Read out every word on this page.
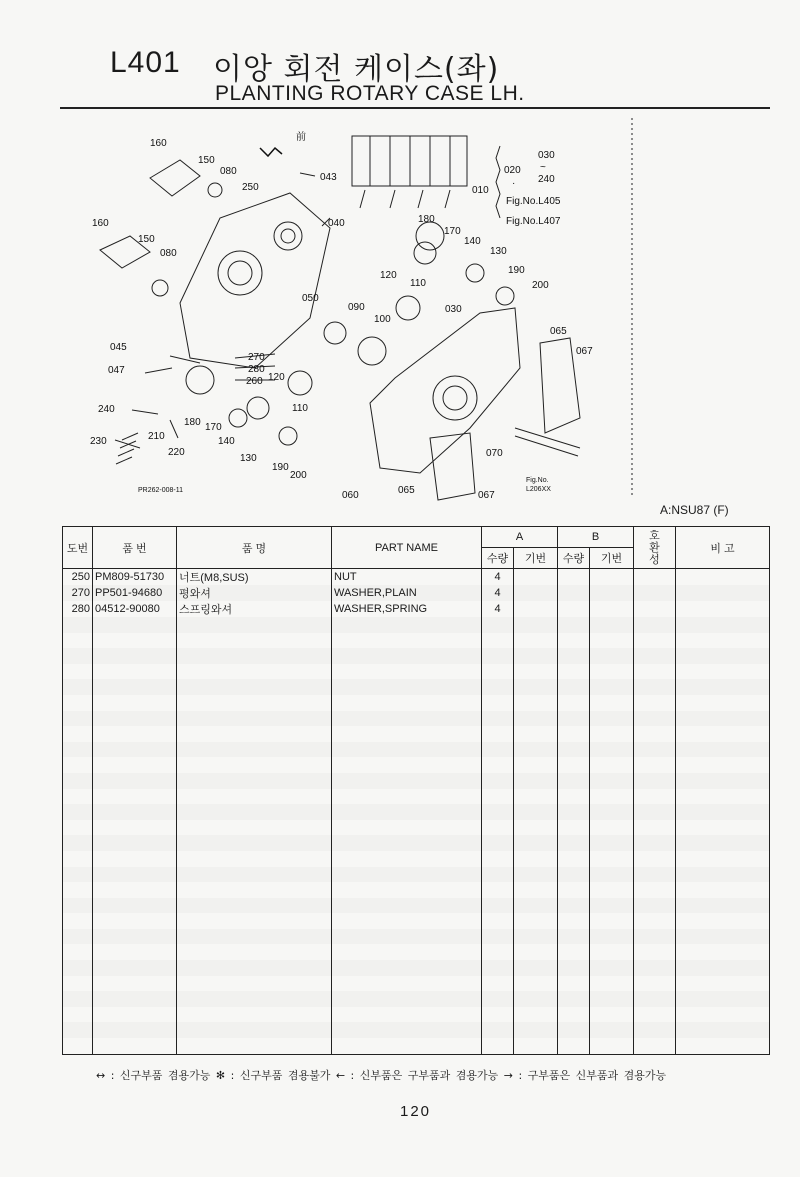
L401 이앙 회전 케이스(좌)
PLANTING ROTARY CASE LH.
160
150
080
250
043
040
160
150
080
180
170
140
130
120
110
190
200
050
090
100
030
065
067
045
047
270
280
260 120
110
180 170
140
130
190
200
240
210
220
230
060	065	067
070
010
020
030
~
240
·
Fig.No.L405
Fig.No.L407
Fig.No.
L206XX
前
PR262-008-11
A:NSU87 (F)
도번	품 번	품 명	PART NAME	A		B		호
환
성	비 고
				수량	기번	수량	기번		
250	PM809-51730	너트(M8,SUS)	NUT	4					
270	PP501-94680	평와셔	WASHER,PLAIN	4					
280	04512-90080	스프링와셔	WASHER,SPRING	4					

↔ : 신구부품 겸용가능 ✻ : 신구부품 겸용불가 ← : 신부품은 구부품과 겸용가능 → : 구부품은 신부품과 겸용가능
120
